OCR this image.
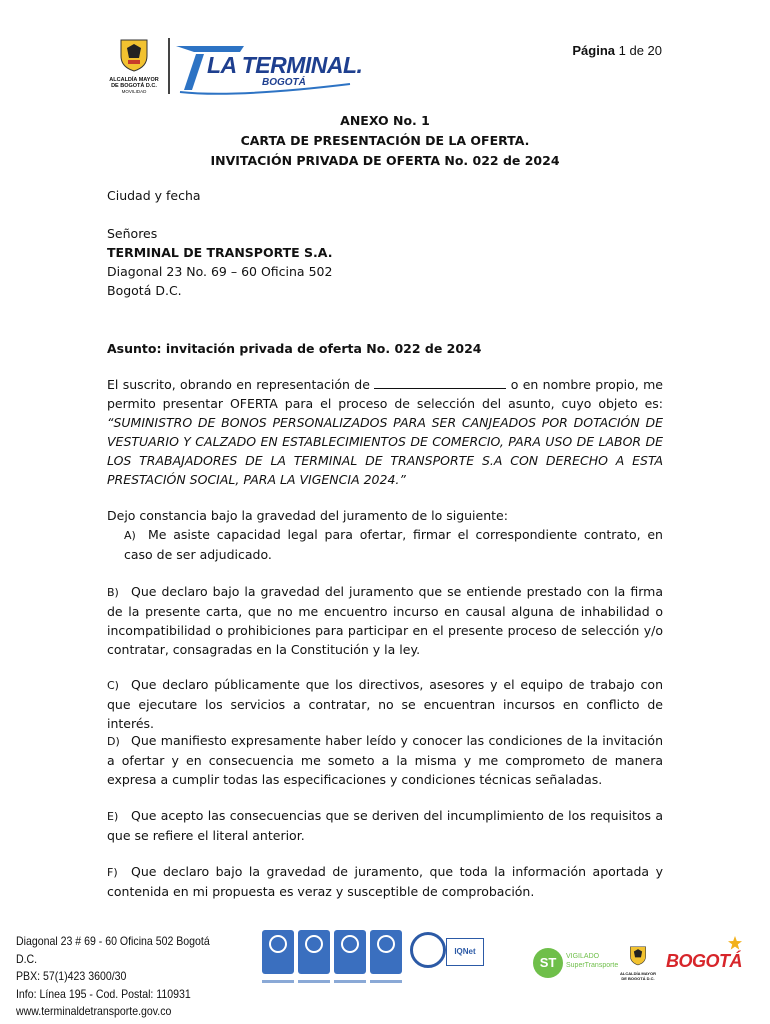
Página 1 de 20
ALCALDÍA MAYOR
DE BOGOTÁ D.C.
MOVILIDAD
LA TERMINAL.
BOGOTÁ
ANEXO No. 1
CARTA DE PRESENTACIÓN DE LA OFERTA.
INVITACIÓN PRIVADA DE OFERTA No. 022 de 2024
Ciudad y fecha
Señores
TERMINAL DE TRANSPORTE S.A.
Diagonal 23 No. 69 – 60 Oficina 502
Bogotá D.C.
Asunto: invitación privada de oferta No. 022 de 2024
El suscrito, obrando en representación de	o en nombre propio, me permito presentar OFERTA para el proceso de selección del asunto, cuyo objeto es: “SUMINISTRO DE BONOS PERSONALIZADOS PARA SER CANJEADOS POR DOTACIÓN DE VESTUARIO Y CALZADO EN ESTABLECIMIENTOS DE COMERCIO, PARA USO DE LABOR DE LOS TRABAJADORES DE LA TERMINAL DE TRANSPORTE S.A CON DERECHO A ESTA PRESTACIÓN SOCIAL, PARA LA VIGENCIA 2024.”
Dejo constancia bajo la gravedad del juramento de lo siguiente:
A) Me asiste capacidad legal para ofertar, firmar el correspondiente contrato, en caso de ser adjudicado.
B) Que declaro bajo la gravedad del juramento que se entiende prestado con la firma de la presente carta, que no me encuentro incurso en causal alguna de inhabilidad o incompatibilidad o prohibiciones para participar en el presente proceso de selección y/o contratar, consagradas en la Constitución y la ley.
C) Que declaro públicamente que los directivos, asesores y el equipo de trabajo con que ejecutare los servicios a contratar, no se encuentran incursos en conflicto de interés.
D) Que manifiesto expresamente haber leído y conocer las condiciones de la invitación a ofertar y en consecuencia me someto a la misma y me comprometo de manera expresa a cumplir todas las especificaciones y condiciones técnicas señaladas.
E) Que acepto las consecuencias que se deriven del incumplimiento de los requisitos a que se refiere el literal anterior.
F) Que declaro bajo la gravedad de juramento, que toda la información aportada y contenida en mi propuesta es veraz y susceptible de comprobación.
Diagonal 23 # 69 - 60 Oficina 502 Bogotá D.C.
PBX: 57(1)423 3600/30
Info: Línea 195 - Cod. Postal: 110931
www.terminaldetransporte.gov.co
IQNet
ST	VIGILADO
SuperTransporte
ALCALDÍA MAYOR
DE BOGOTÁ D.C.
BOGOTÁ
